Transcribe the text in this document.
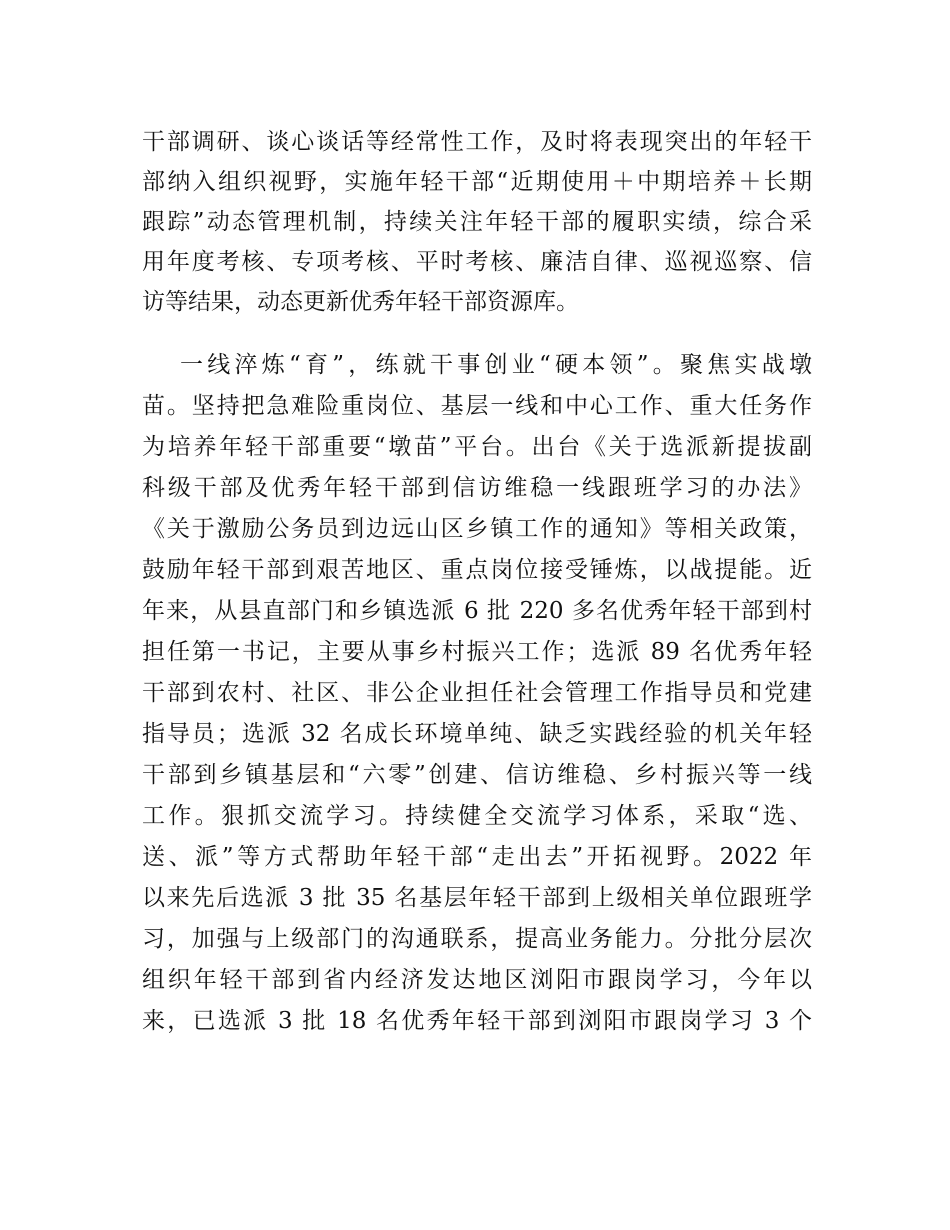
干部调研、谈心谈话等经常性工作，及时将表现突出的年轻干
部纳入组织视野，实施年轻干部“近期使用＋中期培养＋长期
跟踪”动态管理机制，持续关注年轻干部的履职实绩，综合采
用年度考核、专项考核、平时考核、廉洁自律、巡视巡察、信
访等结果，动态更新优秀年轻干部资源库。
一线淬炼“育”，练就干事创业“硬本领”。聚焦实战墩
苗。坚持把急难险重岗位、基层一线和中心工作、重大任务作
为培养年轻干部重要“墩苗”平台。出台《关于选派新提拔副
科级干部及优秀年轻干部到信访维稳一线跟班学习的办法》
《关于激励公务员到边远山区乡镇工作的通知》等相关政策，
鼓励年轻干部到艰苦地区、重点岗位接受锤炼，以战提能。近
年来，从县直部门和乡镇选派 6 批 220 多名优秀年轻干部到村
担任第一书记，主要从事乡村振兴工作；选派 89 名优秀年轻
干部到农村、社区、非公企业担任社会管理工作指导员和党建
指导员；选派 32 名成长环境单纯、缺乏实践经验的机关年轻
干部到乡镇基层和“六零”创建、信访维稳、乡村振兴等一线
工作。狠抓交流学习。持续健全交流学习体系，采取“选、
送、派”等方式帮助年轻干部“走出去”开拓视野。2022 年
以来先后选派 3 批 35 名基层年轻干部到上级相关单位跟班学
习，加强与上级部门的沟通联系，提高业务能力。分批分层次
组织年轻干部到省内经济发达地区浏阳市跟岗学习，今年以
来，已选派 3 批 18 名优秀年轻干部到浏阳市跟岗学习 3 个
